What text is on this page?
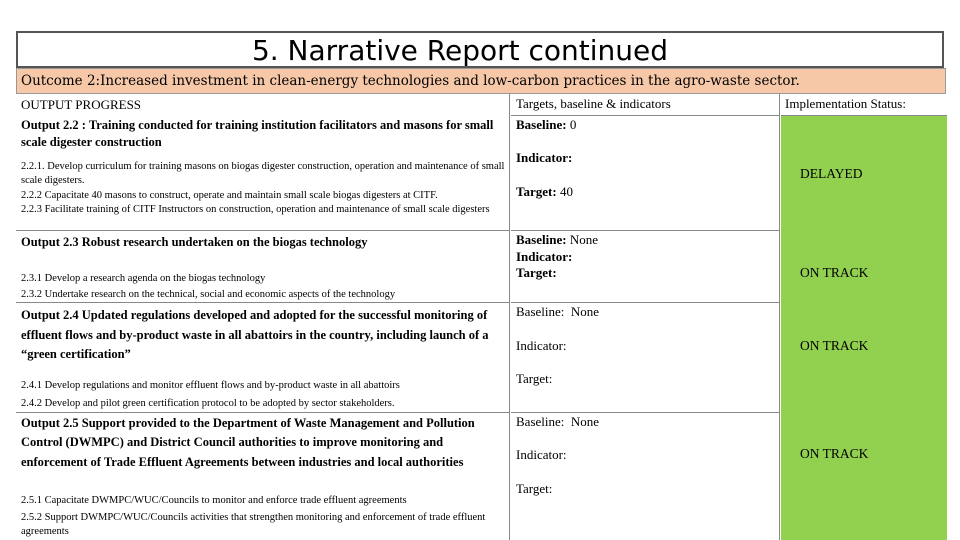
5. Narrative Report continued
Outcome 2:Increased investment in clean-energy technologies and low-carbon practices in the agro-waste sector.
OUTPUT PROGRESS
Output 2.2 : Training conducted for training institution facilitators and masons for small scale digester construction
2.2.1. Develop curriculum for training masons on biogas digester construction, operation and maintenance of small scale digesters.
2.2.2 Capacitate 40 masons to construct, operate and maintain small scale biogas digesters at CITF.
2.2.3 Facilitate training of CITF Instructors on construction, operation and maintenance of small scale digesters
Output 2.3 Robust research undertaken on the biogas technology
2.3.1 Develop a research agenda on the biogas technology
2.3.2 Undertake research on the technical, social and economic aspects of the technology
Output 2.4 Updated regulations developed and adopted for the successful monitoring of effluent flows and by-product waste in all abattoirs in the country, including launch of a “green certification”
2.4.1 Develop regulations and monitor effluent flows and by-product waste in all abattoirs
2.4.2 Develop and pilot green certification protocol to be adopted by sector stakeholders.
Output 2.5 Support provided to the Department of Waste Management and Pollution Control (DWMPC) and District Council authorities to improve monitoring and enforcement of Trade Effluent Agreements between industries and local authorities
2.5.1 Capacitate DWMPC/WUC/Councils to monitor and enforce trade effluent agreements
2.5.2 Support DWMPC/WUC/Councils activities that strengthen monitoring and enforcement of trade effluent agreements
Targets, baseline & indicators
Baseline: 0
Indicator:
Target: 40
Baseline: None
Indicator:
Target:
Baseline: None
Indicator:
Target:
Baseline: None
Indicator:
Target:
Implementation Status:
DELAYED
ON TRACK
ON TRACK
ON TRACK
